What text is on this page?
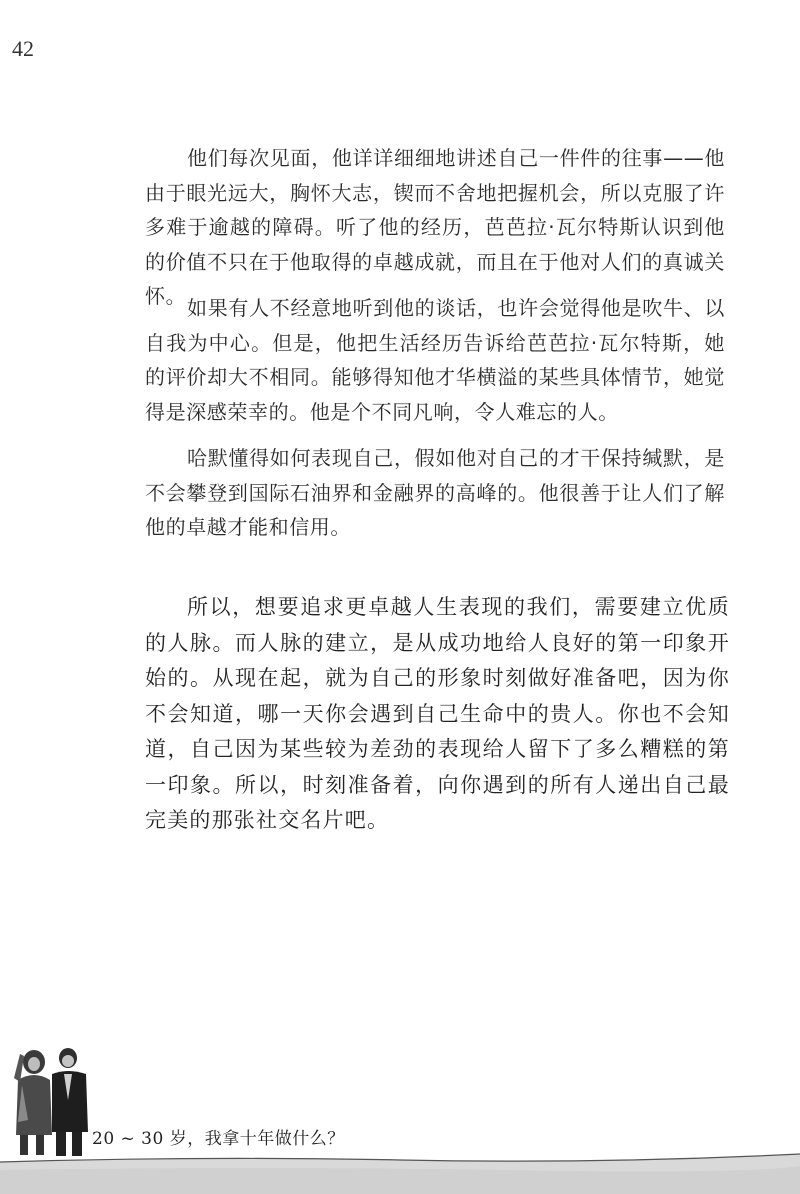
42

他们每次见面，他详详细细地讲述自己一件件的往事——他由于眼光远大，胸怀大志，锲而不舍地把握机会，所以克服了许多难于逾越的障碍。听了他的经历，芭芭拉·瓦尔特斯认识到他的价值不只在于他取得的卓越成就，而且在于他对人们的真诚关怀。 如果有人不经意地听到他的谈话，也许会觉得他是吹牛、以自我为中心。但是，他把生活经历告诉给芭芭拉·瓦尔特斯，她的评价却大不相同。能够得知他才华横溢的某些具体情节，她觉得是深感荣幸的。他是个不同凡响，令人难忘的人。

哈默懂得如何表现自己，假如他对自己的才干保持缄默，是不会攀登到国际石油界和金融界的高峰的。他很善于让人们了解他的卓越才能和信用。

所以，想要追求更卓越人生表现的我们，需要建立优质的人脉。而人脉的建立，是从成功地给人良好的第一印象开始的。从现在起，就为自己的形象时刻做好准备吧，因为你不会知道，哪一天你会遇到自己生命中的贵人。你也不会知道，自己因为某些较为差劲的表现给人留下了多么糟糕的第一印象。所以，时刻准备着，向你遇到的所有人递出自己最完美的那张社交名片吧。

20 ~ 30 岁，我拿十年做什么？
